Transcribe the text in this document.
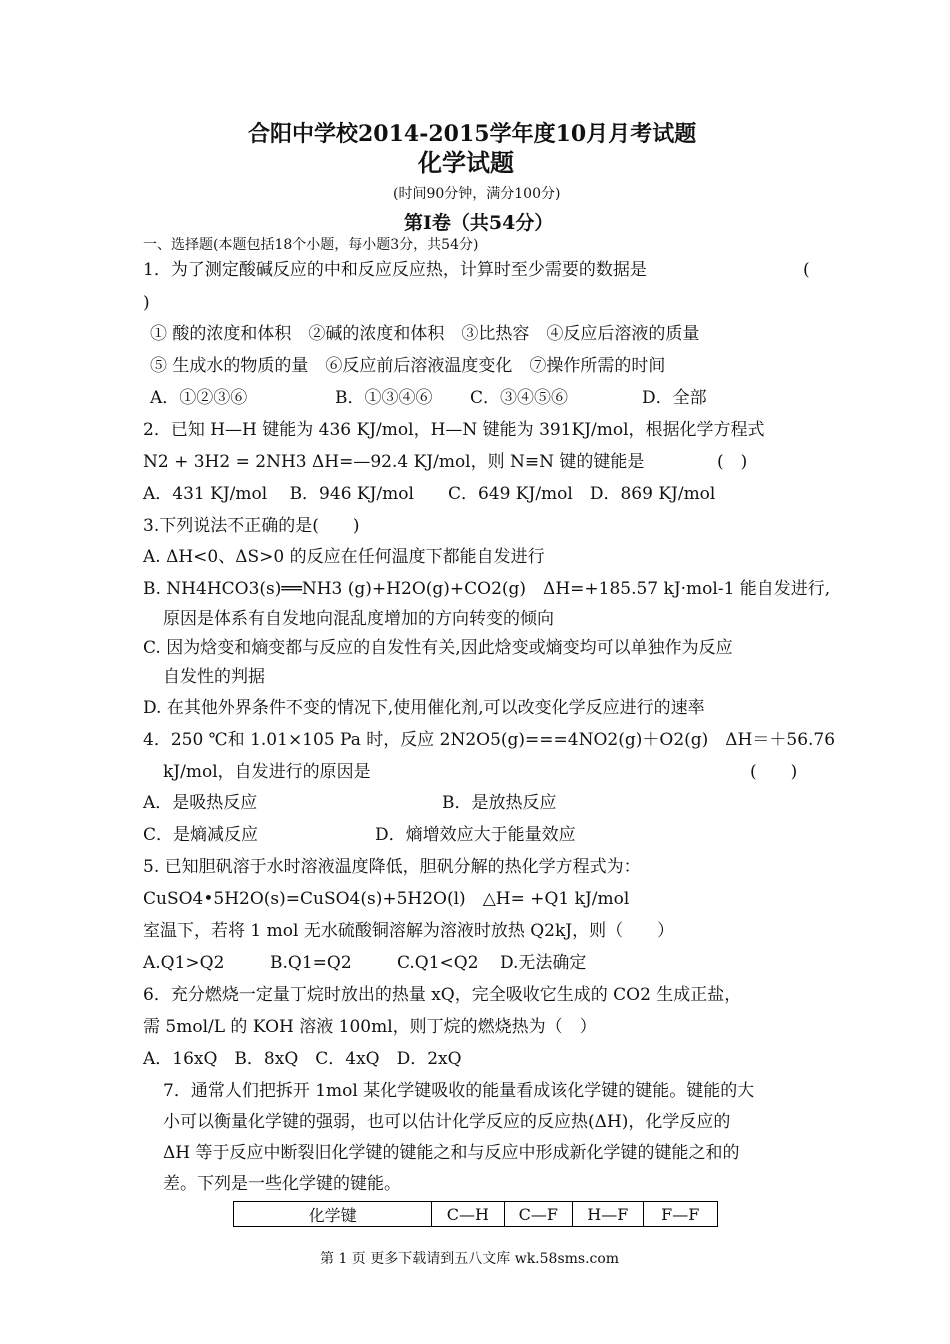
合阳中学校2014-2015学年度10月月考试题
化学试题
(时间90分钟，满分100分)
第I卷（共54分）
一、选择题(本题包括18个小题，每小题3分，共54分)
1．为了测定酸碱反应的中和反应反应热，计算时至少需要的数据是	(
)
① 酸的浓度和体积　②碱的浓度和体积　③比热容　④反应后溶液的质量
⑤ 生成水的物质的量　⑥反应前后溶液温度变化　⑦操作所需的时间
A．①②③⑥	B．①③④⑥ C．③④⑤⑥	D．全部
2．已知 H—H 键能为 436 KJ/mol，H—N 键能为 391KJ/mol，根据化学方程式
N2 + 3H2 = 2NH3 ΔH=—92.4 KJ/mol，则 N≡N 键的键能是	(　)
A．431 KJ/mol　 B．946 KJ/mol　　C．649 KJ/mol　D．869 KJ/mol
3.下列说法不正确的是(　　)
A. ΔH<0、ΔS>0 的反应在任何温度下都能自发进行
B. NH4HCO3(s)══NH3 (g)+H2O(g)+CO2(g)　ΔH=+185.57 kJ·mol-1 能自发进行,
原因是体系有自发地向混乱度增加的方向转变的倾向
C. 因为焓变和熵变都与反应的自发性有关,因此焓变或熵变均可以单独作为反应
自发性的判据
D. 在其他外界条件不变的情况下,使用催化剂,可以改变化学反应进行的速率
4．250 ℃和 1.01×105 Pa 时，反应 2N2O5(g)===4NO2(g)＋O2(g)　ΔH＝＋56.76
kJ/mol，自发进行的原因是	(　　)
A．是吸热反应	B．是放热反应
C．是熵减反应	D．熵增效应大于能量效应
5. 已知胆矾溶于水时溶液温度降低，胆矾分解的热化学方程式为：
CuSO4•5H2O(s)=CuSO4(s)+5H2O(l)　△H= +Q1 kJ/mol
室温下，若将 1 mol 无水硫酸铜溶解为溶液时放热 Q2kJ，则（　　）
A.Q1>Q2	B.Q1=Q2	C.Q1<Q2 D.无法确定
6．充分燃烧一定量丁烷时放出的热量 xQ，完全吸收它生成的 CO2 生成正盐，
需 5mol/L 的 KOH 溶液 100ml，则丁烷的燃烧热为（　）
A．16xQ　B．8xQ　C．4xQ　D．2xQ
7．通常人们把拆开 1mol 某化学键吸收的能量看成该化学键的键能。键能的大
小可以衡量化学键的强弱，也可以估计化学反应的反应热(ΔH)，化学反应的
ΔH 等于反应中断裂旧化学键的键能之和与反应中形成新化学键的键能之和的
差。下列是一些化学键的键能。
化学键	C—H	C—F	H—F	F—F
第 1 页 更多下载请到五八文库 wk.58sms.com
